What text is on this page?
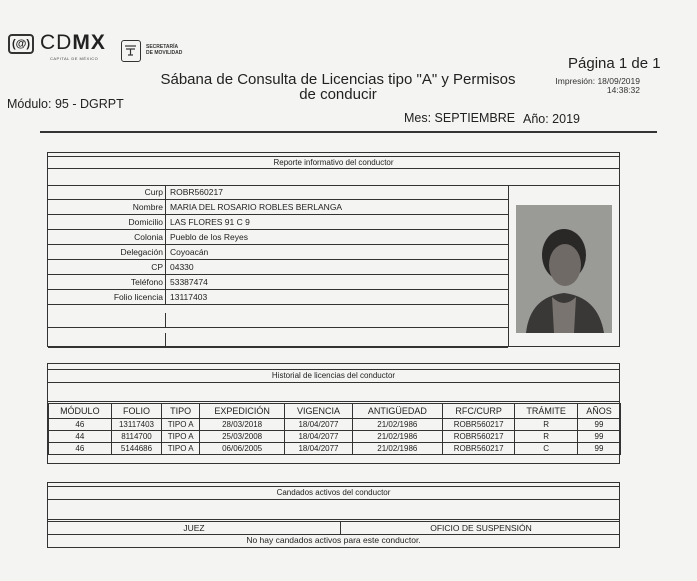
(@) CDMX
CAPITAL DE MÉXICO
SECRETARÍA
DE MOVILIDAD
Sábana de Consulta de Licencias tipo "A" y Permisos
de conducir
Página 1 de 1
Impresión: 18/09/2019
14:38:32
Módulo: 95 - DGRPT
Mes: SEPTIEMBRE Año: 2019
Reporte informativo del conductor
Curp ROBR560217
Nombre MARIA DEL ROSARIO ROBLES BERLANGA
Domicilio LAS FLORES 91 C 9
Colonia Pueblo de los Reyes
Delegación Coyoacán
CP 04330
Teléfono 53387474
Folio licencia 13117403
Historial de licencias del conductor
MÓDULO	FOLIO	TIPO	EXPEDICIÓN	VIGENCIA	ANTIGÜEDAD	RFC/CURP	TRÁMITE	AÑOS
46	13117403	TIPO A	28/03/2018	18/04/2077	21/02/1986	ROBR560217	R	99
44	8114700	TIPO A	25/03/2008	18/04/2077	21/02/1986	ROBR560217	R	99
46	5144686	TIPO A	06/06/2005	18/04/2077	21/02/1986	ROBR560217	C	99
Candados activos del conductor
JUEZ	OFICIO DE SUSPENSIÓN
No hay candados activos para este conductor.
